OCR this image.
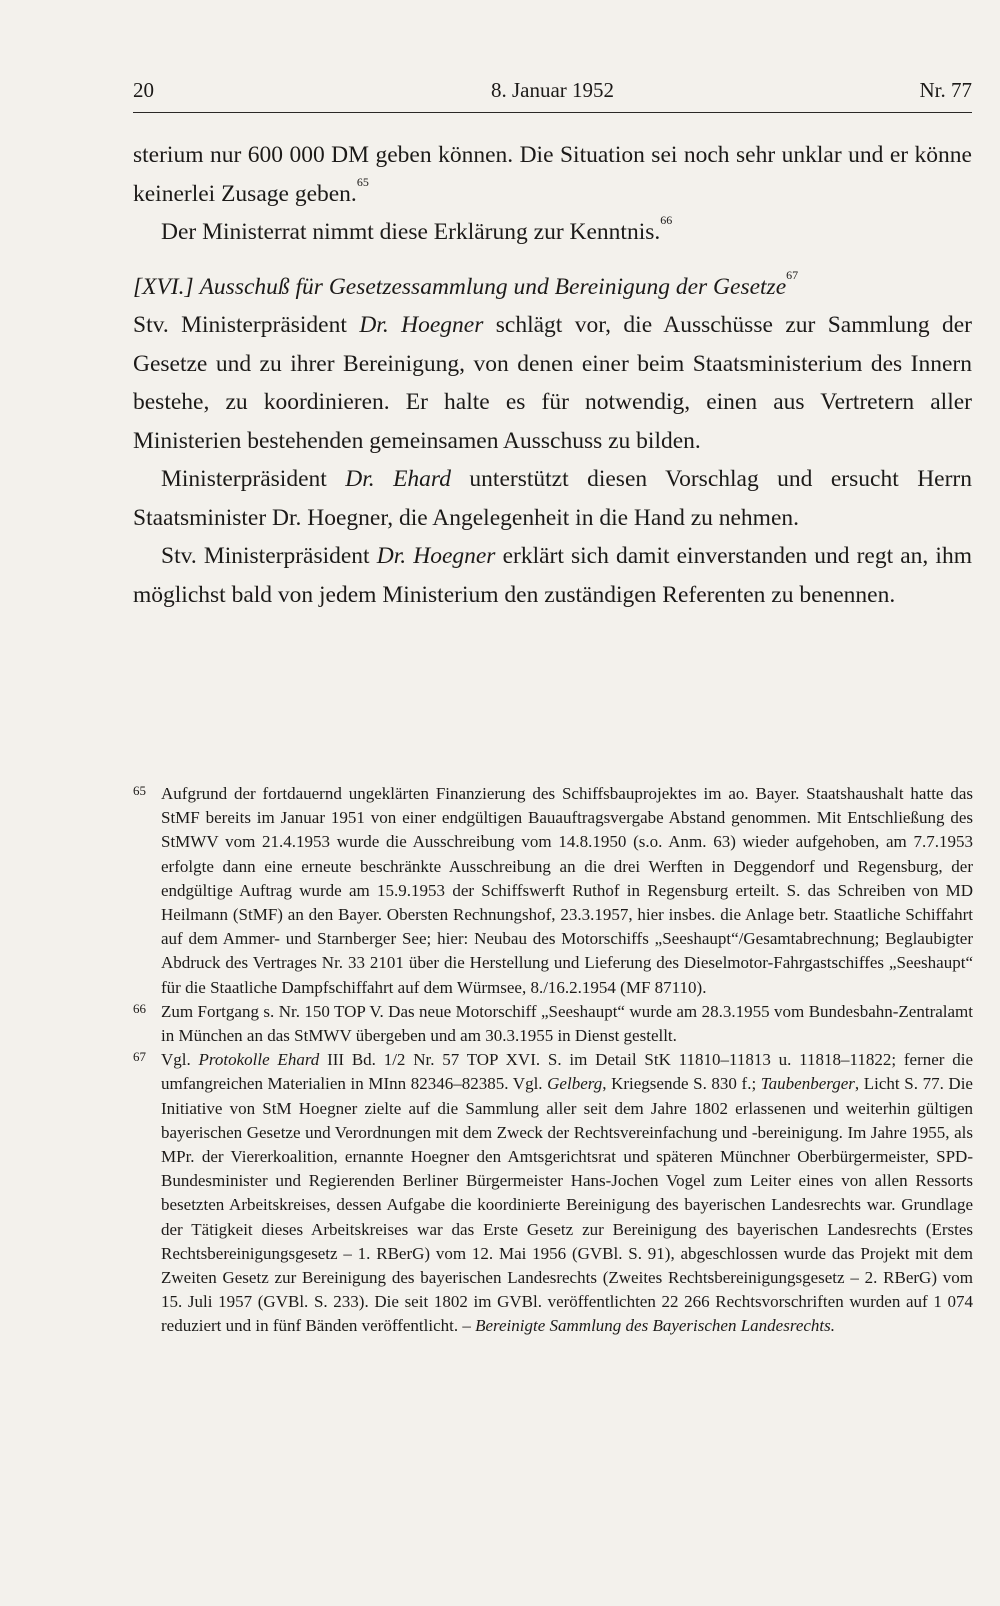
20	8. Januar 1952	Nr. 77

sterium nur 600 000 DM geben können. Die Situation sei noch sehr unklar und er könne keinerlei Zusage geben.$^{65}$

Der Ministerrat nimmt diese Erklärung zur Kenntnis.$^{66}$

[XVI.] Ausschuß für Gesetzessammlung und Bereinigung der Gesetze$^{67}$

Stv. Ministerpräsident Dr. Hoegner schlägt vor, die Ausschüsse zur Sammlung der Gesetze und zu ihrer Bereinigung, von denen einer beim Staatsministerium des Innern bestehe, zu koordinieren. Er halte es für notwendig, einen aus Vertretern aller Ministerien bestehenden gemeinsamen Ausschuss zu bilden.

Ministerpräsident Dr. Ehard unterstützt diesen Vorschlag und ersucht Herrn Staatsminister Dr. Hoegner, die Angelegenheit in die Hand zu nehmen.

Stv. Ministerpräsident Dr. Hoegner erklärt sich damit einverstanden und regt an, ihm möglichst bald von jedem Ministerium den zuständigen Referenten zu benennen.

65 Aufgrund der fortdauernd ungeklärten Finanzierung des Schiffsbauprojektes im ao. Bayer. Staatshaushalt hatte das StMF bereits im Januar 1951 von einer endgültigen Bauauftragsvergabe Abstand genommen. Mit Entschließung des StMWV vom 21.4.1953 wurde die Ausschreibung vom 14.8.1950 (s.o. Anm. 63) wieder aufgehoben, am 7.7.1953 erfolgte dann eine erneute beschränkte Ausschreibung an die drei Werften in Deggendorf und Regensburg, der endgültige Auftrag wurde am 15.9.1953 der Schiffswerft Ruthof in Regensburg erteilt. S. das Schreiben von MD Heilmann (StMF) an den Bayer. Obersten Rechnungshof, 23.3.1957, hier insbes. die Anlage betr. Staatliche Schiffahrt auf dem Ammer- und Starnberger See; hier: Neubau des Motorschiffs „Seeshaupt“/Gesamtabrechnung; Beglaubigter Abdruck des Vertrages Nr. 33 2101 über die Herstellung und Lieferung des Dieselmotor-Fahrgastschiffes „Seeshaupt“ für die Staatliche Dampfschiffahrt auf dem Würmsee, 8./16.2.1954 (MF 87110).
66 Zum Fortgang s. Nr. 150 TOP V. Das neue Motorschiff „Seeshaupt“ wurde am 28.3.1955 vom Bundesbahn-Zentralamt in München an das StMWV übergeben und am 30.3.1955 in Dienst gestellt.
67 Vgl. Protokolle Ehard III Bd. 1/2 Nr. 57 TOP XVI. S. im Detail StK 11810–11813 u. 11818–11822; ferner die umfangreichen Materialien in MInn 82346–82385. Vgl. Gelberg, Kriegsende S. 830 f.; Taubenberger, Licht S. 77. Die Initiative von StM Hoegner zielte auf die Sammlung aller seit dem Jahre 1802 erlassenen und weiterhin gültigen bayerischen Gesetze und Verordnungen mit dem Zweck der Rechtsvereinfachung und -bereinigung. Im Jahre 1955, als MPr. der Viererkoalition, ernannte Hoegner den Amtsgerichtsrat und späteren Münchner Oberbürgermeister, SPD-Bundesminister und Regierenden Berliner Bürgermeister Hans-Jochen Vogel zum Leiter eines von allen Ressorts besetzten Arbeitskreises, dessen Aufgabe die koordinierte Bereinigung des bayerischen Landesrechts war. Grundlage der Tätigkeit dieses Arbeitskreises war das Erste Gesetz zur Bereinigung des bayerischen Landesrechts (Erstes Rechtsbereinigungsgesetz – 1. RBerG) vom 12. Mai 1956 (GVBl. S. 91), abgeschlossen wurde das Projekt mit dem Zweiten Gesetz zur Bereinigung des bayerischen Landesrechts (Zweites Rechtsbereinigungsgesetz – 2. RBerG) vom 15. Juli 1957 (GVBl. S. 233). Die seit 1802 im GVBl. veröffentlichten 22 266 Rechtsvorschriften wurden auf 1 074 reduziert und in fünf Bänden veröffentlicht. – Bereinigte Sammlung des Bayerischen Landesrechts.
